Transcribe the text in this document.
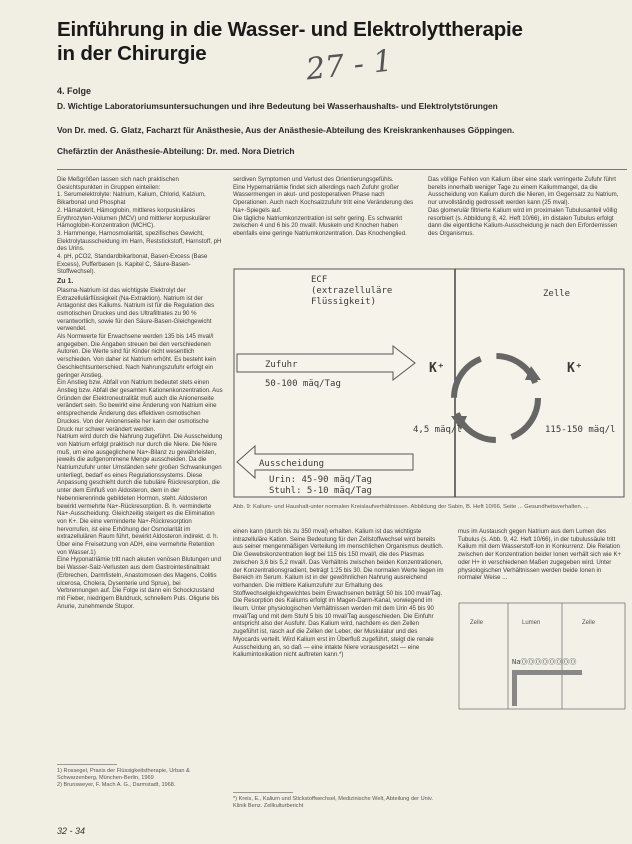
Einführung in die Wasser- und Elektrolyttherapie
in der Chirurgie	27 - 1
4. Folge
D. Wichtige Laboratoriumsuntersuchungen und ihre Bedeutung bei Wasserhaushalts- und Elektrolytstörungen
Von Dr. med. G. Glatz, Facharzt für Anästhesie, Aus der Anästhesie-Abteilung des Kreiskrankenhauses Göppingen.
Chefärztin der Anästhesie-Abteilung: Dr. med. Nora Dietrich

Die Meßgrößen lassen sich nach praktischen Gesichtspunkten in Gruppen einteilen:

1. Serumelektrolyte: Natrium, Kalium, Chlorid, Kalzium, Bikarbonat und Phosphat

2. Hämatokrit, Hämoglobin, mittleres korpuskuläres Erythrozyten-Volumen (MCV) und mittlerer korpuskulärer Hämoglobin-Konzentration (MCHC).

3. Harnmenge, Harnosmolarität, spezifisches Gewicht, Elektrolytausscheidung im Harn, Reststickstoff, Harnstoff, pH des Urins.

4. pH, pCO2, Standardbikarbonat, Basen-Excess (Base Excess), Pufferbasen (s. Kapitel C, Säure-Basen-Stoffwechsel).

Zu 1.

Plasma-Natrium ist das wichtigste Elektrolyt der Extrazellulärflüssigkeit (Na-Extraktion). Natrium ist der Antagonist des Kaliums. Natrium ist für die Regulation des osmotischen Druckes und des Ultrafiltrates zu 90 % verantwortlich, sowie für den Säure-Basen-Gleichgewicht verwendet.

Als Normwerte für Erwachsene werden 135 bis 145 mval/l angegeben. Die Angaben streuen bei den verschiedenen Autoren. Die Werte sind für Kinder nicht wesentlich verschieden. Von daher ist Natrium erhöht. Es besteht kein Geschlechtsunterschied. Nach Nahrungszufuhr erfolgt ein geringer Anstieg.

Ein Anstieg bzw. Abfall von Natrium bedeutet stets einen Anstieg bzw. Abfall der gesamten Kationenkonzentration. Aus Gründen der Elektroneutralität muß auch die Anionenseite verändert sein. So bewirkt eine Änderung von Natrium eine entsprechende Änderung des effektiven osmotischen Druckes. Von der Anionenseite her kann der osmotische Druck nur schwer verändert werden.

Natrium wird durch die Nahrung zugeführt. Die Ausscheidung von Natrium erfolgt praktisch nur durch die Niere. Die Niere muß, um eine ausgeglichene Na+-Bilanz zu gewährleisten, jeweils die aufgenommene Menge ausscheiden. Da die Natriumzufuhr unter Umständen sehr großen Schwankungen unterliegt, bedarf es eines Regulationssystems. Diese Anpassung geschieht durch die tubuläre Rückresorption, die unter dem Einfluß von Aldosteron, dem in der Nebennierenrinde gebildeten Hormon, steht. Aldosteron bewirkt vermehrte Na+-Rückresorption. B. h. verminderte Na+-Ausscheidung. Gleichzeitig steigert es die Elimination von K+. Die eine verminderte Na+-Rückresorption hervorrufen, ist eine Erhöhung der Osmolarität im extrazellulären Raum führt, bewirkt Aldosteron indirekt. d. h. Über eine Freisetzung von ADH, eine vermehrte Retention von Wasser.1)

Eine Hyponatriämie tritt nach akuten venösen Blutungen und bei Wasser-Salz-Verlusten aus dem Gastrointestinaltrakt (Erbrechen, Darmfisteln, Anastomosen des Magens, Colitis ulcerosa, Cholera, Dysenterie und Sprue), bei Verbrennungen auf. Die Folge ist dann ein Schockzustand mit Fieber, niedrigem Blutdruck, schnellem Puls. Oligurie bis Anurie, zunehmende Stupor.

serdiven Symptomen und Verlust des Orientierungsgefühls.

Eine Hypernatriämie findet sich allerdings nach Zufuhr großer Wassermengen in akut- und postoperativen Phase nach Operationen. Auch nach Kochsalzzufuhr tritt eine Veränderung des Na+-Spiegels auf.

Die tägliche Natriumkonzentration ist sehr gering. Es schwankt zwischen 4 und 6 bis 20 mval/l. Muskeln und Knochen haben ebenfalls eine geringe Natriumkonzentration. Das Knochenglied.

Das völlige Fehlen von Kalium über eine stark verringerte Zufuhr führt bereits innerhalb weniger Tage zu einem Kaliummangel, da die Ausscheidung von Kalium durch die Nieren, im Gegensatz zu Natrium, nur unvollständig gedrosselt werden kann (25 mval).

Das glomerulär filtrierte Kalium wird im proximalen Tubulusanteil völlig resorbiert (s. Abbildung 8, 42. Heft 10/66), im distalen Tubulus erfolgt dann die eigentliche Kalium-Ausscheidung je nach den Erfordernissen des Organismus.

ECF
(extrazelluläre
Flüssigkeit)
Zelle
Zufuhr
50-100 mäq/Tag
K⁺	K⁺
4,5 mäq/l	115-150 mäq/l
Ausscheidung
Urin: 45-90 mäq/Tag
Stuhl: 5-10 mäq/Tag
Abb. 9: Kalium- und Haushalt-unter normalen Kreislaufverhältnissen. Abbildung der Sabin, B. Heft 10/66, Seite ... Gesundheitsverhalten. ...

einen kann (durch bis zu 350 mval) erhalten. Kalium ist das wichtigste intrazelluläre Kation. Seine Bedeutung für den Zellstoffwechsel wird bereits aus seiner mengenmäßigen Verteilung im menschlichen Organismus deutlich. Die Gewebskonzentration liegt bei 115 bis 150 mval/l, die des Plasmas zwischen 3,6 bis 5,2 mval/l. Das Verhältnis zwischen beiden Konzentrationen, der Konzentrationsgradient, beträgt 1:25 bis 30. Die normalen Werte liegen im Bereich im Serum. Kalium ist in der gewöhnlichen Nahrung ausreichend vorhanden. Die mittlere Kaliumzufuhr zur Erhaltung des Stoffwechselgleichgewichtes beim Erwachsenen beträgt 50 bis 100 mval/Tag. Die Resorption des Kaliums erfolgt im Magen-Darm-Kanal, vorwiegend im Ileum. Unter physiologischen Verhältnissen werden mit dem Urin 45 bis 90 mval/Tag und mit dem Stuhl 5 bis 10 mval/Tag ausgeschieden. Die Einfuhr entspricht also der Ausfuhr. Das Kalium wird, nachdem es den Zellen zugeführt ist, rasch auf die Zellen der Leber, der Muskulatur und des Myocards verteilt. Wird Kalium erst im Überfluß zugeführt, steigt die renale Ausscheidung an, so daß — eine intakte Niere vorausgesetzt — eine Kaliumintoxikation nicht auftreten kann.*)

mus im Austausch gegen Natrium aus dem Lumen des Tubulus (s. Abb. 9, 42. Heft 10/66), in der tubulussäule tritt Kalium mit dem Wasserstoff-Ion in Konkurrenz. Die Relation zwischen der Konzentration beider Ionen verhält sich wie K+ oder H+ in verschiedenen Maßen zugegeben wird. Unter physiologischen Verhältnissen werden beide Ionen in normaler Weise ...

Zelle	Lumen	Zelle
NaⓄⓄⓄⓄⓄⓄⓄⓄ
1) Rossegel, Praxis der Flüssigkeitstherapie, Urban & Schwarzenberg, München-Berlin, 1969
2) Brunsweyer, F. Mach A. G., Darmstadt, 1968.
*) Kreis, E., Kalium und Stickstoffwechsel, Medizinische Welt, Abteilung der Univ. Klinik Benz. Zellkulturbericht
32 - 34
